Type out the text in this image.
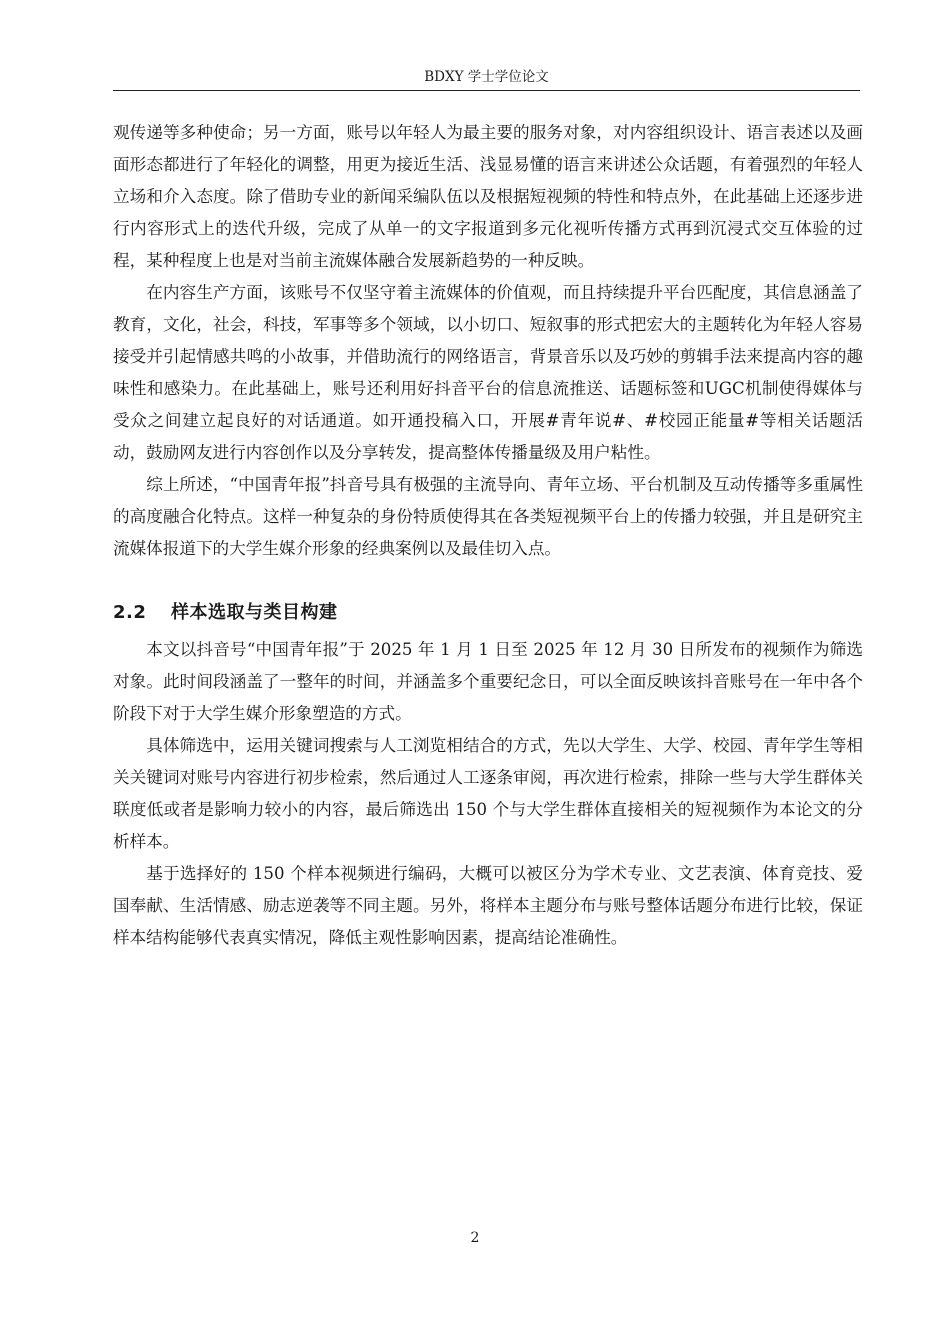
BDXY 学士学位论文

观传递等多种使命；另一方面，账号以年轻人为最主要的服务对象，对内容组织设计、语言表述以及画面形态都进行了年轻化的调整，用更为接近生活、浅显易懂的语言来讲述公众话题，有着强烈的年轻人立场和介入态度。除了借助专业的新闻采编队伍以及根据短视频的特性和特点外，在此基础上还逐步进行内容形式上的迭代升级，完成了从单一的文字报道到多元化视听传播方式再到沉浸式交互体验的过程，某种程度上也是对当前主流媒体融合发展新趋势的一种反映。

在内容生产方面，该账号不仅坚守着主流媒体的价值观，而且持续提升平台匹配度，其信息涵盖了教育，文化，社会，科技，军事等多个领域，以小切口、短叙事的形式把宏大的主题转化为年轻人容易接受并引起情感共鸣的小故事，并借助流行的网络语言，背景音乐以及巧妙的剪辑手法来提高内容的趣味性和感染力。在此基础上，账号还利用好抖音平台的信息流推送、话题标签和UGC机制使得媒体与受众之间建立起良好的对话通道。如开通投稿入口，开展#青年说#、#校园正能量#等相关话题活动，鼓励网友进行内容创作以及分享转发，提高整体传播量级及用户粘性。

综上所述，“中国青年报”抖音号具有极强的主流导向、青年立场、平台机制及互动传播等多重属性的高度融合化特点。这样一种复杂的身份特质使得其在各类短视频平台上的传播力较强，并且是研究主流媒体报道下的大学生媒介形象的经典案例以及最佳切入点。

2.2 样本选取与类目构建

本文以抖音号“中国青年报”于 2025 年 1 月 1 日至 2025 年 12 月 30 日所发布的视频作为筛选对象。此时间段涵盖了一整年的时间，并涵盖多个重要纪念日，可以全面反映该抖音账号在一年中各个阶段下对于大学生媒介形象塑造的方式。

具体筛选中，运用关键词搜索与人工浏览相结合的方式，先以大学生、大学、校园、青年学生等相关关键词对账号内容进行初步检索，然后通过人工逐条审阅，再次进行检索，排除一些与大学生群体关联度低或者是影响力较小的内容，最后筛选出 150 个与大学生群体直接相关的短视频作为本论文的分析样本。

基于选择好的 150 个样本视频进行编码，大概可以被区分为学术专业、文艺表演、体育竞技、爱国奉献、生活情感、励志逆袭等不同主题。另外，将样本主题分布与账号整体话题分布进行比较，保证样本结构能够代表真实情况，降低主观性影响因素，提高结论准确性。

2
